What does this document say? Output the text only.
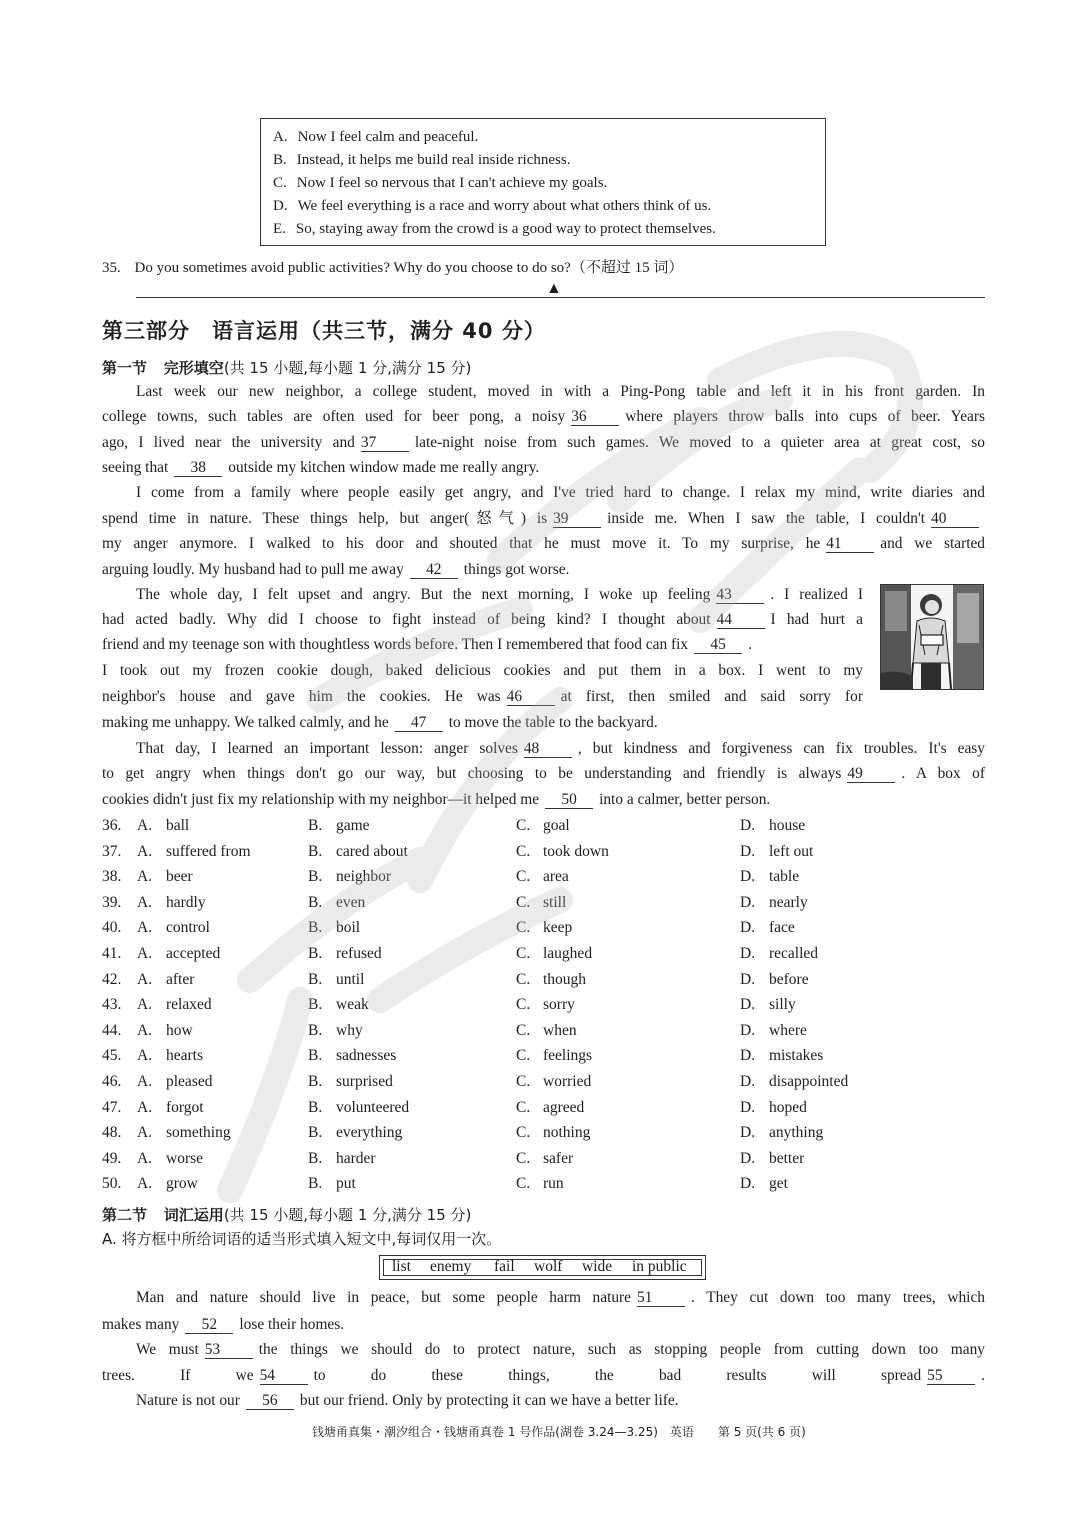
A. Now I feel calm and peaceful.
B. Instead, it helps me build real inside richness.
C. Now I feel so nervous that I can't achieve my goals.
D. We feel everything is a race and worry about what others think of us.
E. So, staying away from the crowd is a good way to protect themselves.
35. Do you sometimes avoid public activities? Why do you choose to do so?（不超过 15 词）
▲
第三部分　语言运用（共三节，满分 40 分）
第一节 完形填空(共 15 小题,每小题 1 分,满分 15 分)
Last week our new neighbor, a college student, moved in with a Ping-Pong table and left it in his front garden. In
college towns, such tables are often used for beer pong, a noisy 36	where players throw balls into cups of beer. Years
ago, I lived near the university and 37	late-night noise from such games. We moved to a quieter area at great cost, so
seeing that 38 outside my kitchen window made me really angry.
I come from a family where people easily get angry, and I've tried hard to change. I relax my mind, write diaries and
spend time in nature. These things help, but anger(怒气) is 39	inside me. When I saw the table, I couldn't 40
my anger anymore. I walked to his door and shouted that he must move it. To my surprise, he 41	and we started
arguing loudly. My husband had to pull me away 42 things got worse.
The whole day, I felt upset and angry. But the next morning, I woke up feeling 43	. I realized I
had acted badly. Why did I choose to fight instead of being kind? I thought about 44	I had hurt a
friend and my teenage son with thoughtless words before. Then I remembered that food can fix 45 .
I took out my frozen cookie dough, baked delicious cookies and put them in a box. I went to my
neighbor's house and gave him the cookies. He was 46	at first, then smiled and said sorry for
making me unhappy. We talked calmly, and he 47 to move the table to the backyard.
That day, I learned an important lesson: anger solves 48	, but kindness and forgiveness can fix troubles. It's easy
to get angry when things don't go our way, but choosing to be understanding and friendly is always 49	. A box of
cookies didn't just fix my relationship with my neighbor—it helped me 50 into a calmer, better person.
36. A. ball	B. game	C. goal	D. house
37. A. suffered from	B. cared about	C. took down	D. left out
38. A. beer	B. neighbor	C. area	D. table
39. A. hardly	B. even	C. still	D. nearly
40. A. control	B. boil	C. keep	D. face
41. A. accepted	B. refused	C. laughed	D. recalled
42. A. after	B. until	C. though	D. before
43. A. relaxed	B. weak	C. sorry	D. silly
44. A. how	B. why	C. when	D. where
45. A. hearts	B. sadnesses	C. feelings	D. mistakes
46. A. pleased	B. surprised	C. worried	D. disappointed
47. A. forgot	B. volunteered	C. agreed	D. hoped
48. A. something	B. everything	C. nothing	D. anything
49. A. worse	B. harder	C. safer	D. better
50. A. grow	B. put	C. run	D. get
第二节 词汇运用(共 15 小题,每小题 1 分,满分 15 分)
A. 将方框中所给词语的适当形式填入短文中,每词仅用一次。
list enemy fail wolf wide in public
Man and nature should live in peace, but some people harm nature 51	. They cut down too many trees, which
makes many 52 lose their homes.
We must 53	the things we should do to protect nature, such as stopping people from cutting down too many
trees. If we 54	to do these things, the bad results will spread 55	.
Nature is not our 56 but our friend. Only by protecting it can we have a better life.
钱塘甬真集・潮汐组合・钱塘甬真卷 1 号作品(湖卷 3.24—3.25)　英语　　第 5 页(共 6 页)
